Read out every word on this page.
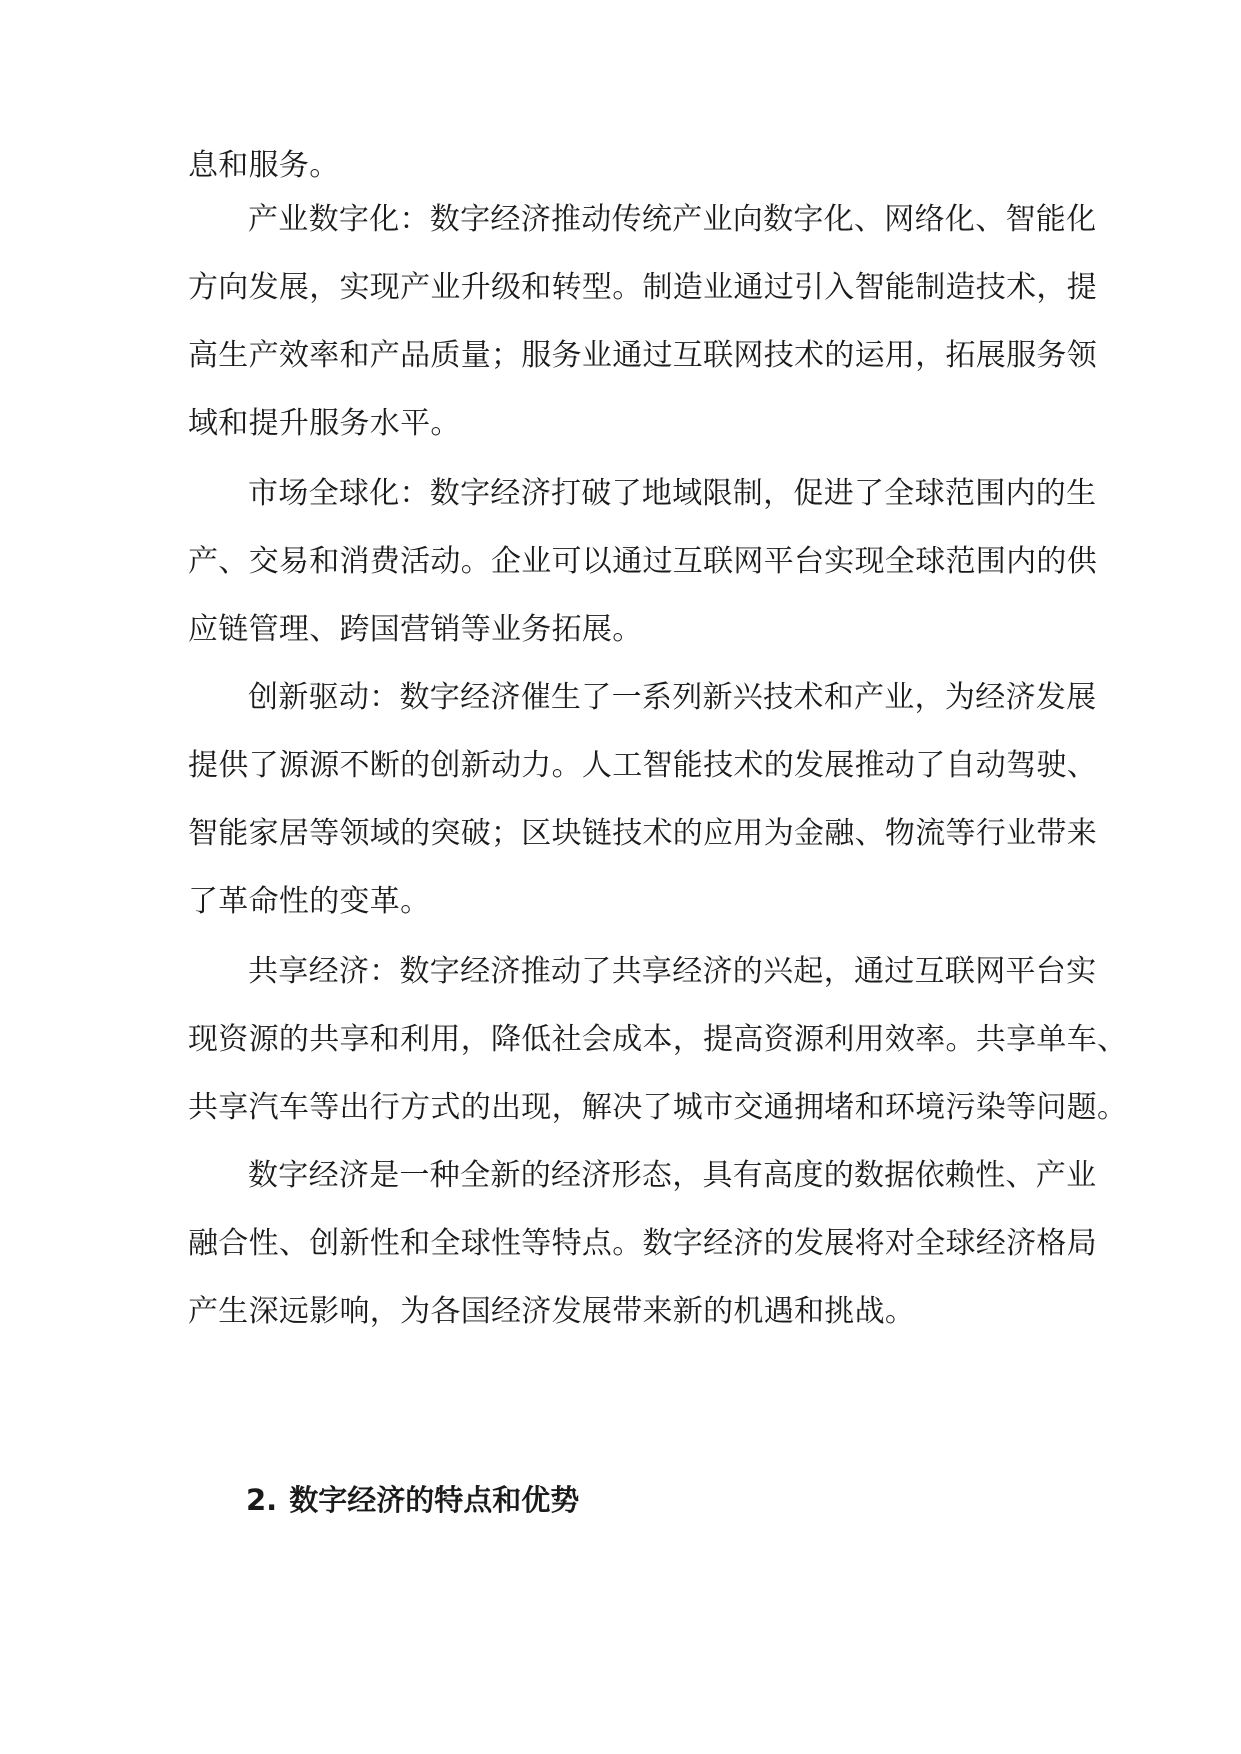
息和服务。
产业数字化：数字经济推动传统产业向数字化、网络化、智能化
方向发展，实现产业升级和转型。制造业通过引入智能制造技术，提
高生产效率和产品质量；服务业通过互联网技术的运用，拓展服务领
域和提升服务水平。
市场全球化：数字经济打破了地域限制，促进了全球范围内的生
产、交易和消费活动。企业可以通过互联网平台实现全球范围内的供
应链管理、跨国营销等业务拓展。
创新驱动：数字经济催生了一系列新兴技术和产业，为经济发展
提供了源源不断的创新动力。人工智能技术的发展推动了自动驾驶、
智能家居等领域的突破；区块链技术的应用为金融、物流等行业带来
了革命性的变革。
共享经济：数字经济推动了共享经济的兴起，通过互联网平台实
现资源的共享和利用，降低社会成本，提高资源利用效率。共享单车、
共享汽车等出行方式的出现，解决了城市交通拥堵和环境污染等问题。
数字经济是一种全新的经济形态，具有高度的数据依赖性、产业
融合性、创新性和全球性等特点。数字经济的发展将对全球经济格局
产生深远影响，为各国经济发展带来新的机遇和挑战。
2. 数字经济的特点和优势
